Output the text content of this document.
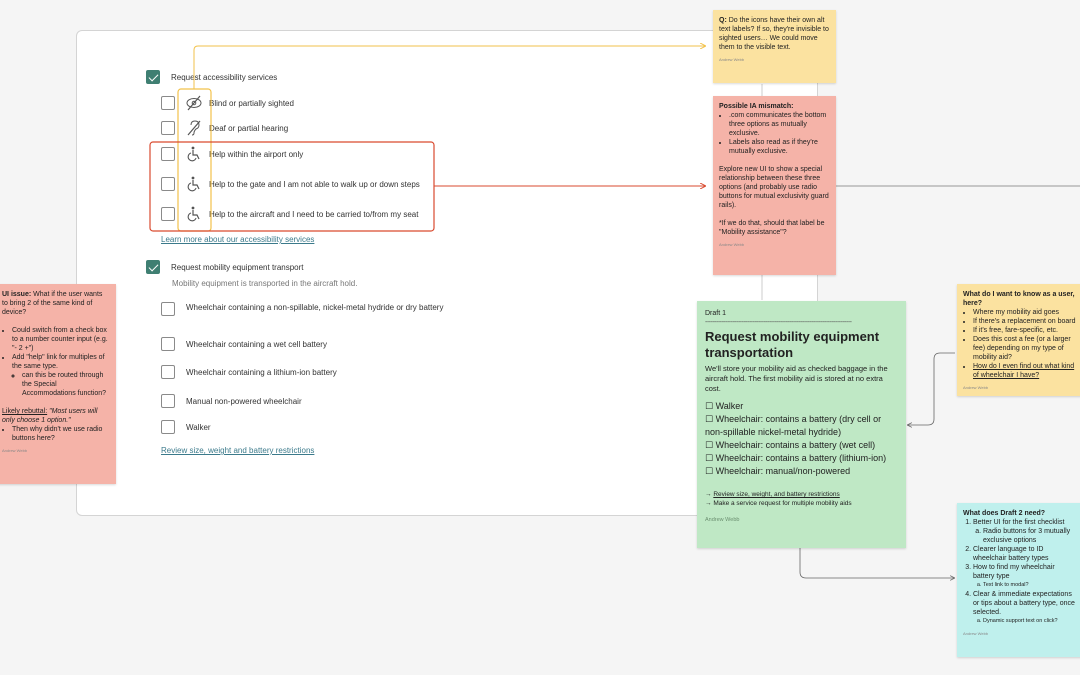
Request accessibility services
Blind or partially sighted
Deaf or partial hearing
Help within the airport only
Help to the gate and I am not able to walk up or down steps
Help to the aircraft and I need to be carried to/from my seat
Learn more about our accessibility services
Request mobility equipment transport
Mobility equipment is transported in the aircraft hold.
Wheelchair containing a non-spillable, nickel-metal hydride or dry battery
Wheelchair containing a wet cell battery
Wheelchair containing a lithium-ion battery
Manual non-powered wheelchair
Walker
Review size, weight and battery restrictions
Q: Do the icons have their own alt text labels? If so, they're invisible to sighted users… We could move them to the visible text.
Andrew Webb
Possible IA mismatch:
• .com communicates the bottom three options as mutually exclusive.
• Labels also read as if they're mutually exclusive.
Explore new UI to show a special relationship between these three options (and probably use radio buttons for mutual exclusivity guard rails).
*If we do that, should that label be "Mobility assistance"?
Andrew Webb
UI issue: What if the user wants to bring 2 of the same kind of device?
• Could switch from a check box to a number counter input (e.g. "- 2 +")
• Add "help" link for multiples of the same type.
◦ can this be routed through the Special Accommodations function?
Likely rebuttal: "Most users will only choose 1 option."
• Then why didn't we use radio buttons here?
Andrew Webb
Draft 1
--------------------------------------------------------------------------------
Request mobility equipment transportation
We'll store your mobility aid as checked baggage in the aircraft hold. The first mobility aid is stored at no extra cost.
☐ Walker
☐ Wheelchair: contains a battery (dry cell or non-spillable nickel-metal hydride)
☐ Wheelchair: contains a battery (wet cell)
☐ Wheelchair: contains a battery (lithium-ion)
☐ Wheelchair: manual/non-powered
→ Review size, weight, and battery restrictions
→ Make a service request for multiple mobility aids
Andrew Webb
What do I want to know as a user, here?
• Where my mobility aid goes
• If there's a replacement on board
• If it's free, fare-specific, etc.
• Does this cost a fee (or a larger fee) depending on my type of mobility aid?
• How do I even find out what kind of wheelchair I have?
Andrew Webb
What does Draft 2 need?
1. Better UI for the first checklist
a. Radio buttons for 3 mutually exclusive options
2. Clearer language to ID wheelchair battery types
3. How to find my wheelchair battery type
a. Text link to modal?
4. Clear & immediate expectations or tips about a battery type, once selected.
a. Dynamic support text on click?
Andrew Webb
